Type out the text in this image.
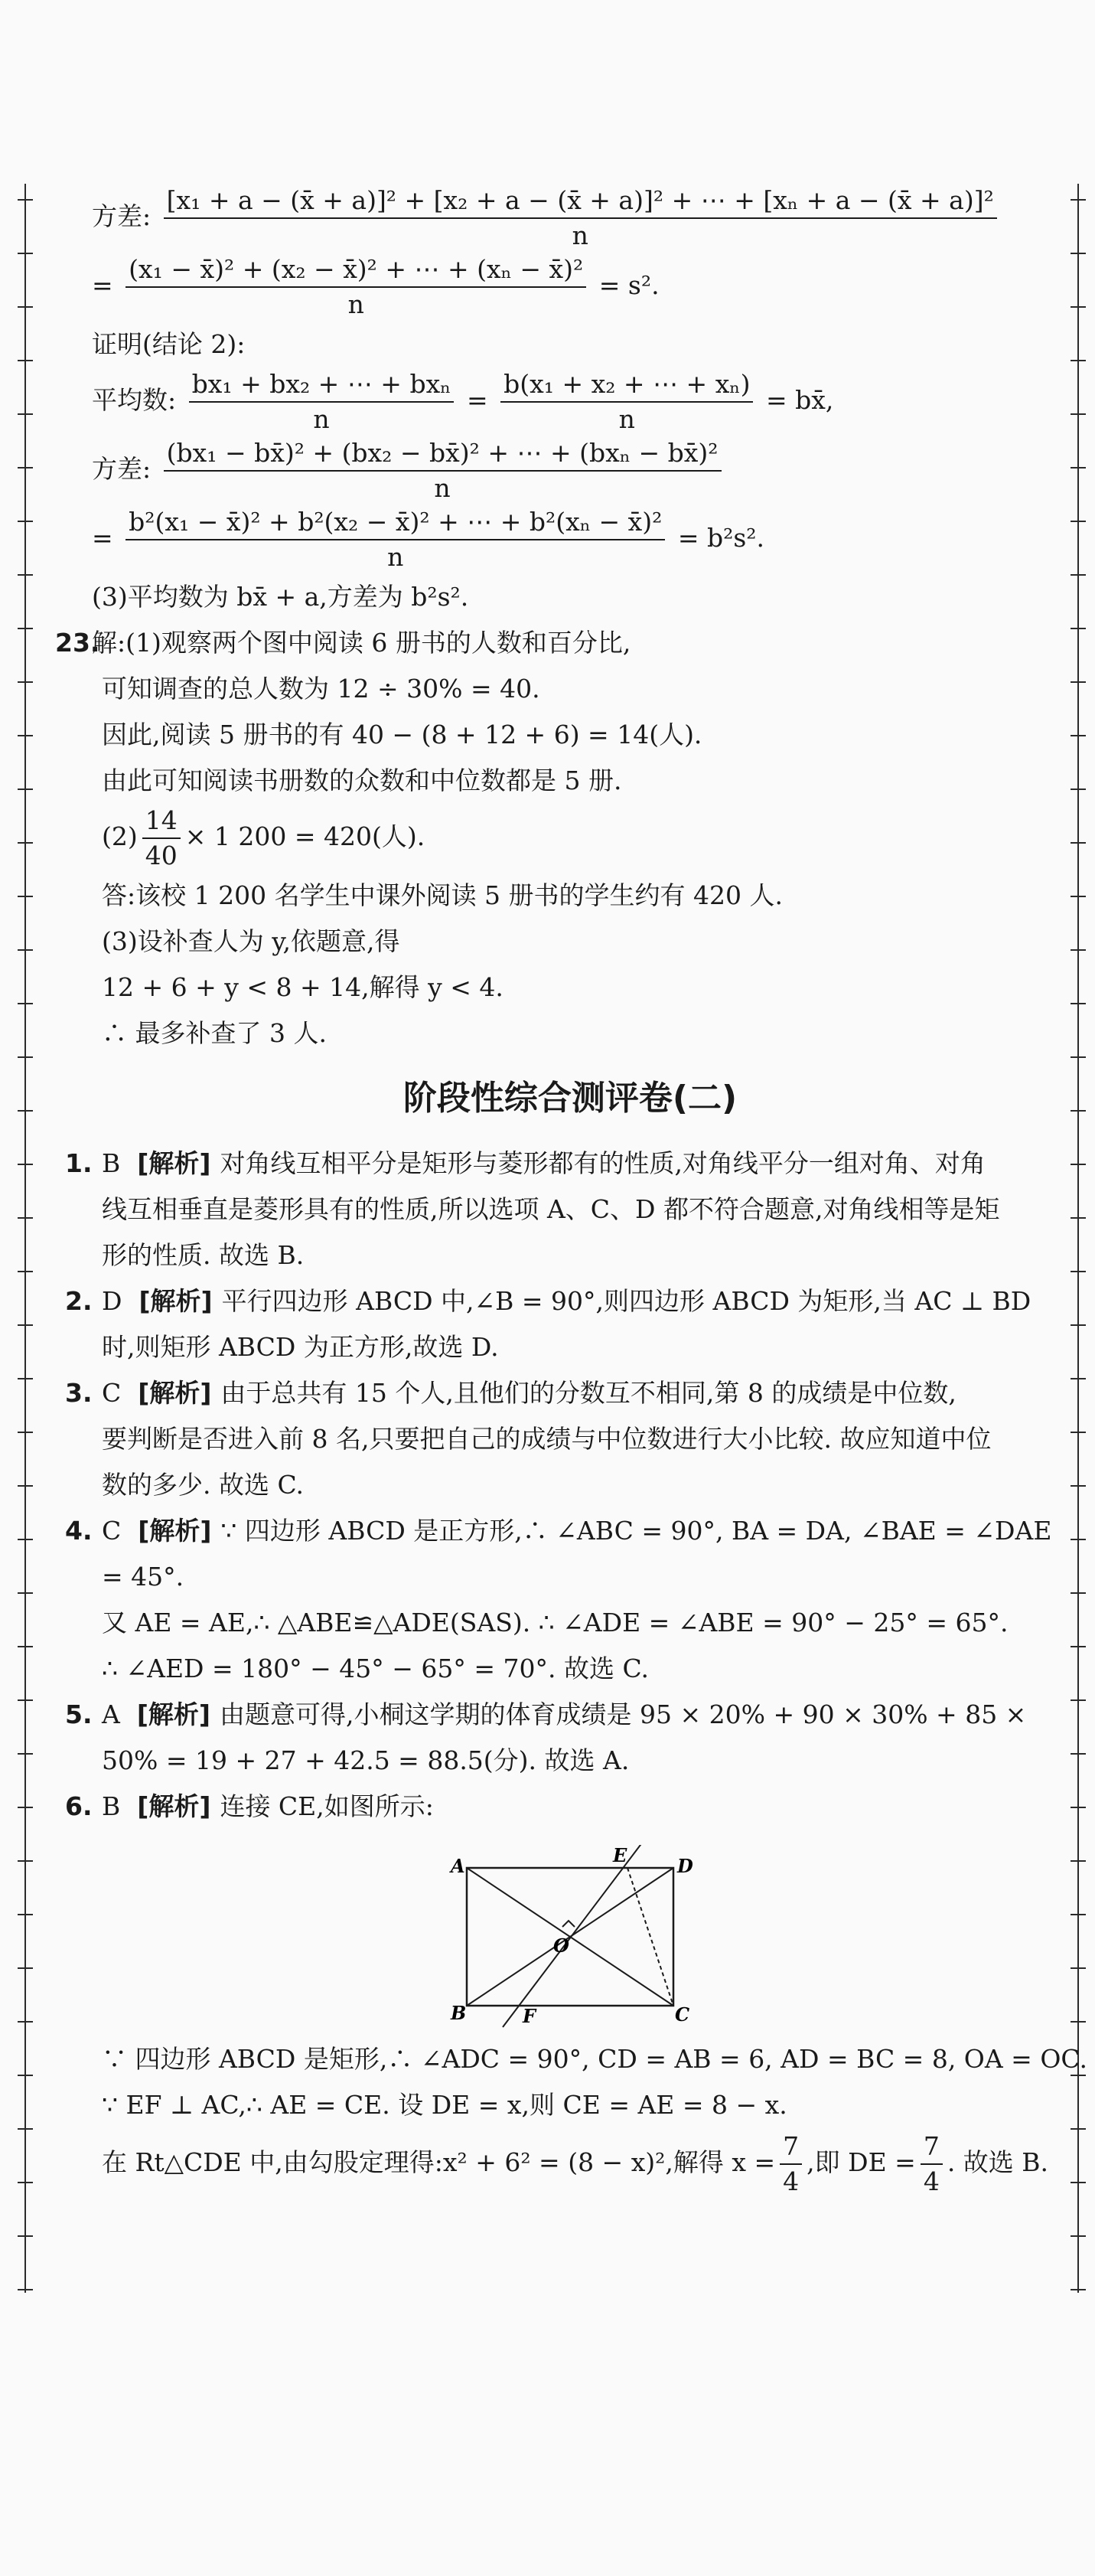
方差:
[x₁ + a − (x̄ + a)]² + [x₂ + a − (x̄ + a)]² + ⋯ + [xₙ + a − (x̄ + a)]²
n
= $\frac{\text{(x₁ − x̄)² + (x₂ − x̄)² + ⋯ + (xₙ − x̄)²}}{n} = s^2$.
证明(结论 2):
平均数: $\frac{\text{bx₁ + bx₂ + ⋯ + bxₙ}}{n} = \frac{\text{b(x₁ + x₂ + ⋯ + xₙ)}}{n}$ = bx̄,
方差: $\frac{\text{(bx₁ − bx̄)² + (bx₂ − bx̄)² + ⋯ + (bxₙ − bx̄)²}}{n}$
= $\frac{\text{b²(x₁ − x̄)² + b²(x₂ − x̄)² + ⋯ + b²(xₙ − x̄)²}}{n} = b^2s^2$.
(3)平均数为 bx̄ + a,方差为 b²s².
23.解:(1)观察两个图中阅读 6 册书的人数和百分比,
可知调查的总人数为 12 ÷ 30% = 40.
因此,阅读 5 册书的有 40 − (8 + 12 + 6) = 14(人).
由此可知阅读书册数的众数和中位数都是 5 册.
$(2) \frac{14}{40} \times 1$ 200 = 420(人).
答:该校 1 200 名学生中课外阅读 5 册书的学生约有 420 人.
(3)设补查人为 y,依题意,得
12 + 6 + y < 8 + 14,解得 y < 4.
∴ 最多补查了 3 人.
阶段性综合测评卷(二)
1. B [解析] 对角线互相平分是矩形与菱形都有的性质,对角线平分一组对角、对角
线互相垂直是菱形具有的性质,所以选项 A、C、D 都不符合题意,对角线相等是矩
形的性质. 故选 B.
2. D [解析] 平行四边形 ABCD 中,∠B = 90°,则四边形 ABCD 为矩形,当 AC ⊥ BD
时,则矩形 ABCD 为正方形,故选 D.
3. C [解析] 由于总共有 15 个人,且他们的分数互不相同,第 8 的成绩是中位数,
要判断是否进入前 8 名,只要把自己的成绩与中位数进行大小比较. 故应知道中位
数的多少. 故选 C.
4. C [解析] ∵ 四边形 ABCD 是正方形,∴ ∠ABC = 90°, BA = DA, ∠BAE = ∠DAE
= 45°.
又 AE = AE,∴ △ABE≌△ADE(SAS). ∴ ∠ADE = ∠ABE = 90° − 25° = 65°.
∴ ∠AED = 180° − 45° − 65° = 70°. 故选 C.
5. A [解析] 由题意可得,小桐这学期的体育成绩是 95 × 20% + 90 × 30% + 85 ×
50% = 19 + 27 + 42.5 = 88.5(分). 故选 A.
6. B [解析] 连接 CE,如图所示:
A
B	C
D
E
F
O
∵ 四边形 ABCD 是矩形,∴ ∠ADC = 90°, CD = AB = 6, AD = BC = 8, OA = OC.
∵ EF ⊥ AC,∴ AE = CE. 设 DE = x,则 CE = AE = 8 − x.
在 Rt△CDE 中,由勾股定理得:x² + 6² = (8 − x)²,解得 $x = \frac{7}{4}$ ,即 DE = $\frac{7}{4}$ . 故选 B.
